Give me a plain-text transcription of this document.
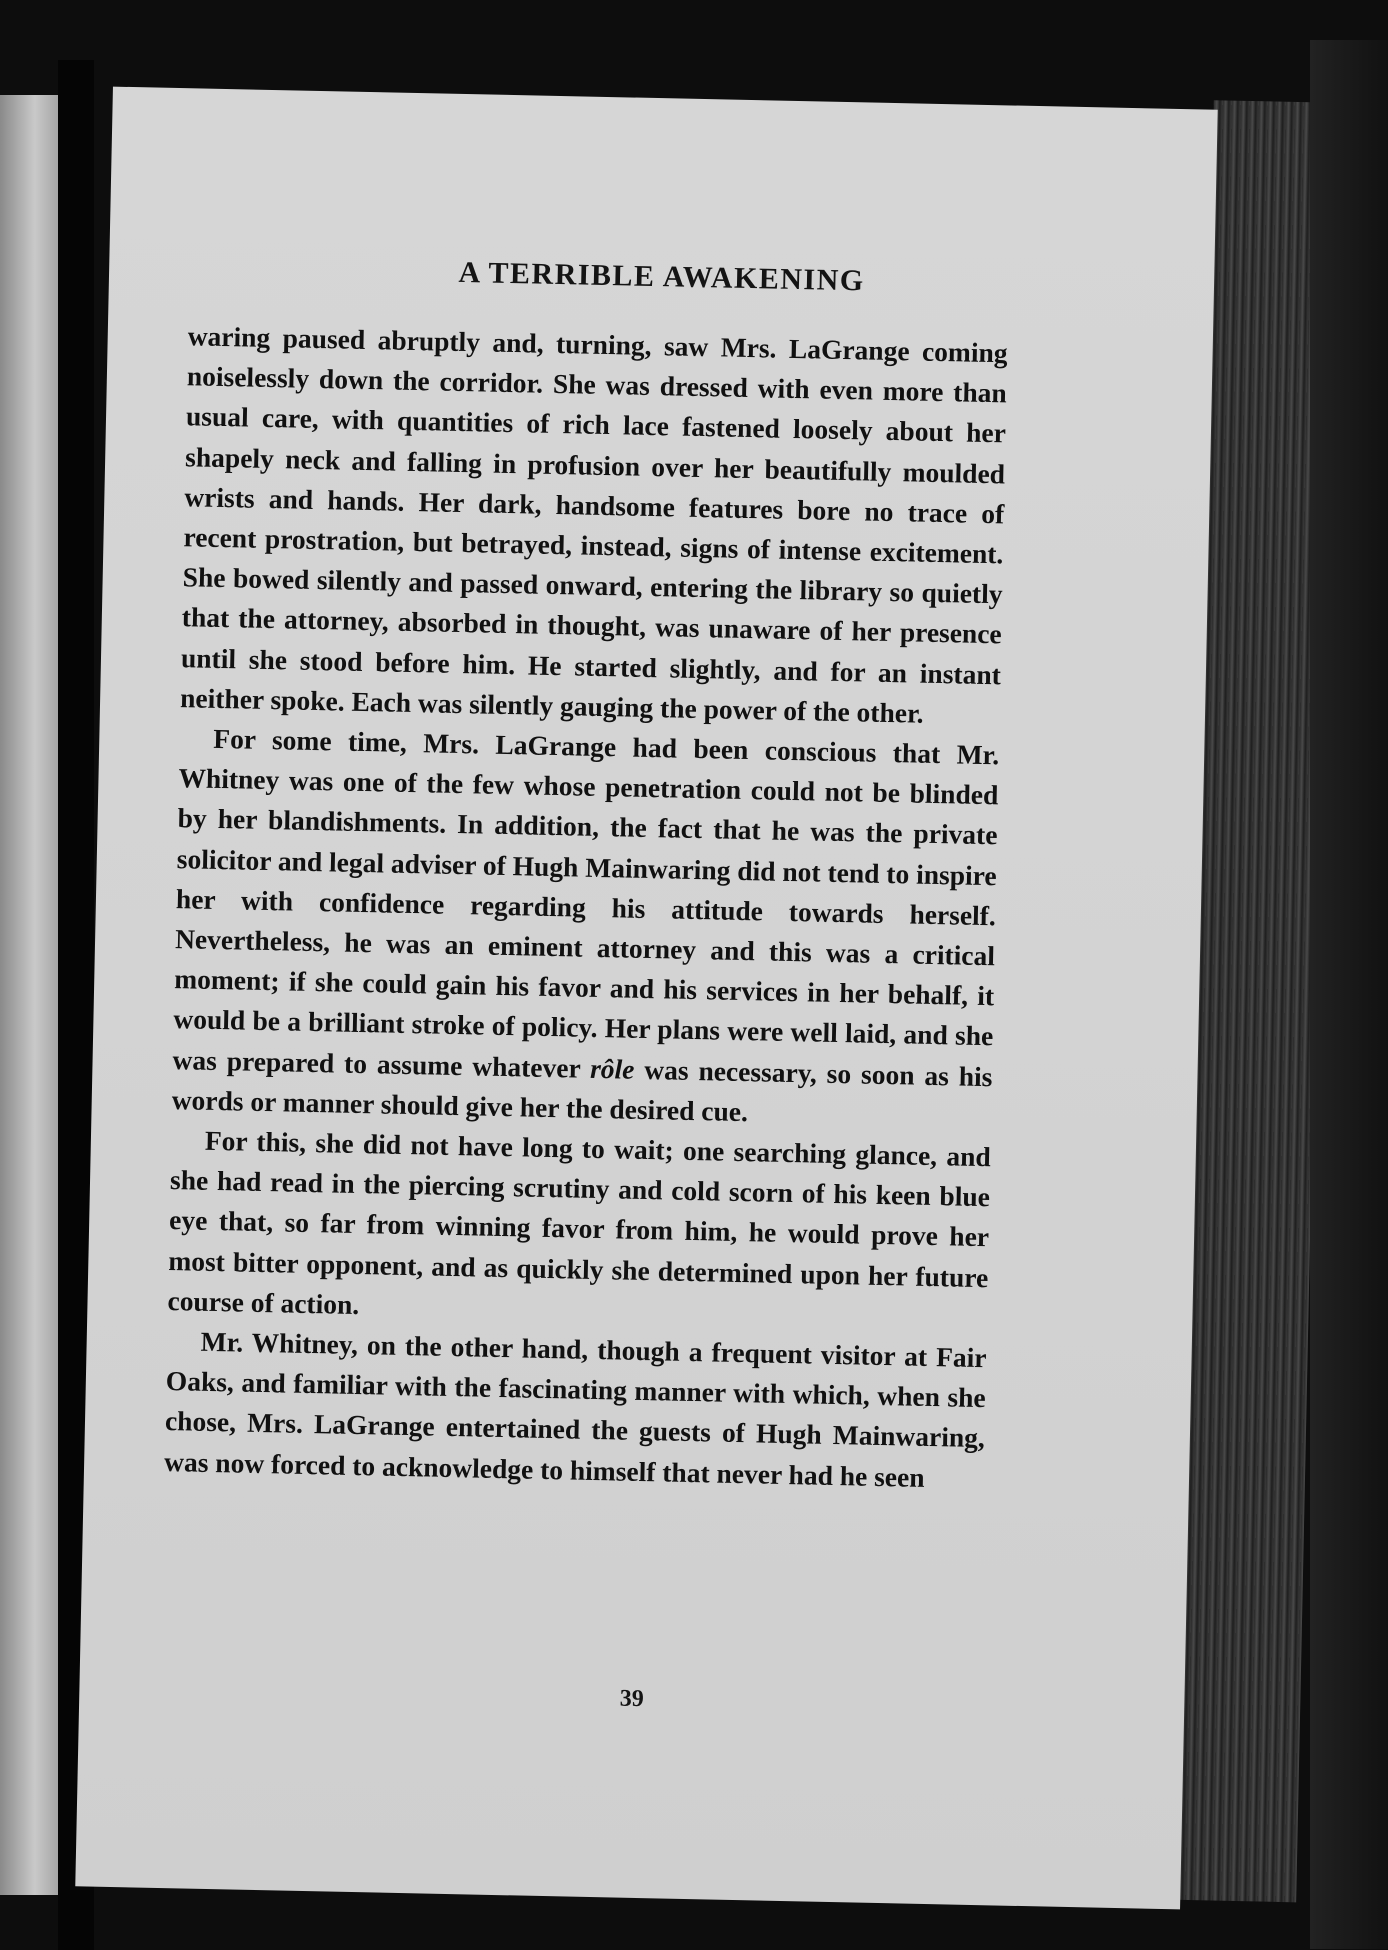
A TERRIBLE AWAKENING

waring paused abruptly and, turning, saw Mrs. LaGrange coming noiselessly down the corridor. She was dressed with even more than usual care, with quantities of rich lace fastened loosely about her shapely neck and falling in profusion over her beautifully moulded wrists and hands. Her dark, handsome features bore no trace of recent prostration, but betrayed, instead, signs of intense excitement. She bowed silently and passed onward, entering the library so quietly that the attorney, absorbed in thought, was unaware of her presence until she stood before him. He started slightly, and for an instant neither spoke. Each was silently gauging the power of the other.

For some time, Mrs. LaGrange had been conscious that Mr. Whitney was one of the few whose penetration could not be blinded by her blandishments. In addition, the fact that he was the private solicitor and legal adviser of Hugh Mainwaring did not tend to inspire her with confidence regarding his attitude towards herself. Nevertheless, he was an eminent attorney and this was a critical moment; if she could gain his favor and his services in her behalf, it would be a brilliant stroke of policy. Her plans were well laid, and she was prepared to assume whatever rôle was necessary, so soon as his words or manner should give her the desired cue.

For this, she did not have long to wait; one searching glance, and she had read in the piercing scrutiny and cold scorn of his keen blue eye that, so far from winning favor from him, he would prove her most bitter opponent, and as quickly she determined upon her future course of action.

Mr. Whitney, on the other hand, though a frequent visitor at Fair Oaks, and familiar with the fascinating manner with which, when she chose, Mrs. LaGrange entertained the guests of Hugh Mainwaring, was now forced to acknowledge to himself that never had he seen

39
